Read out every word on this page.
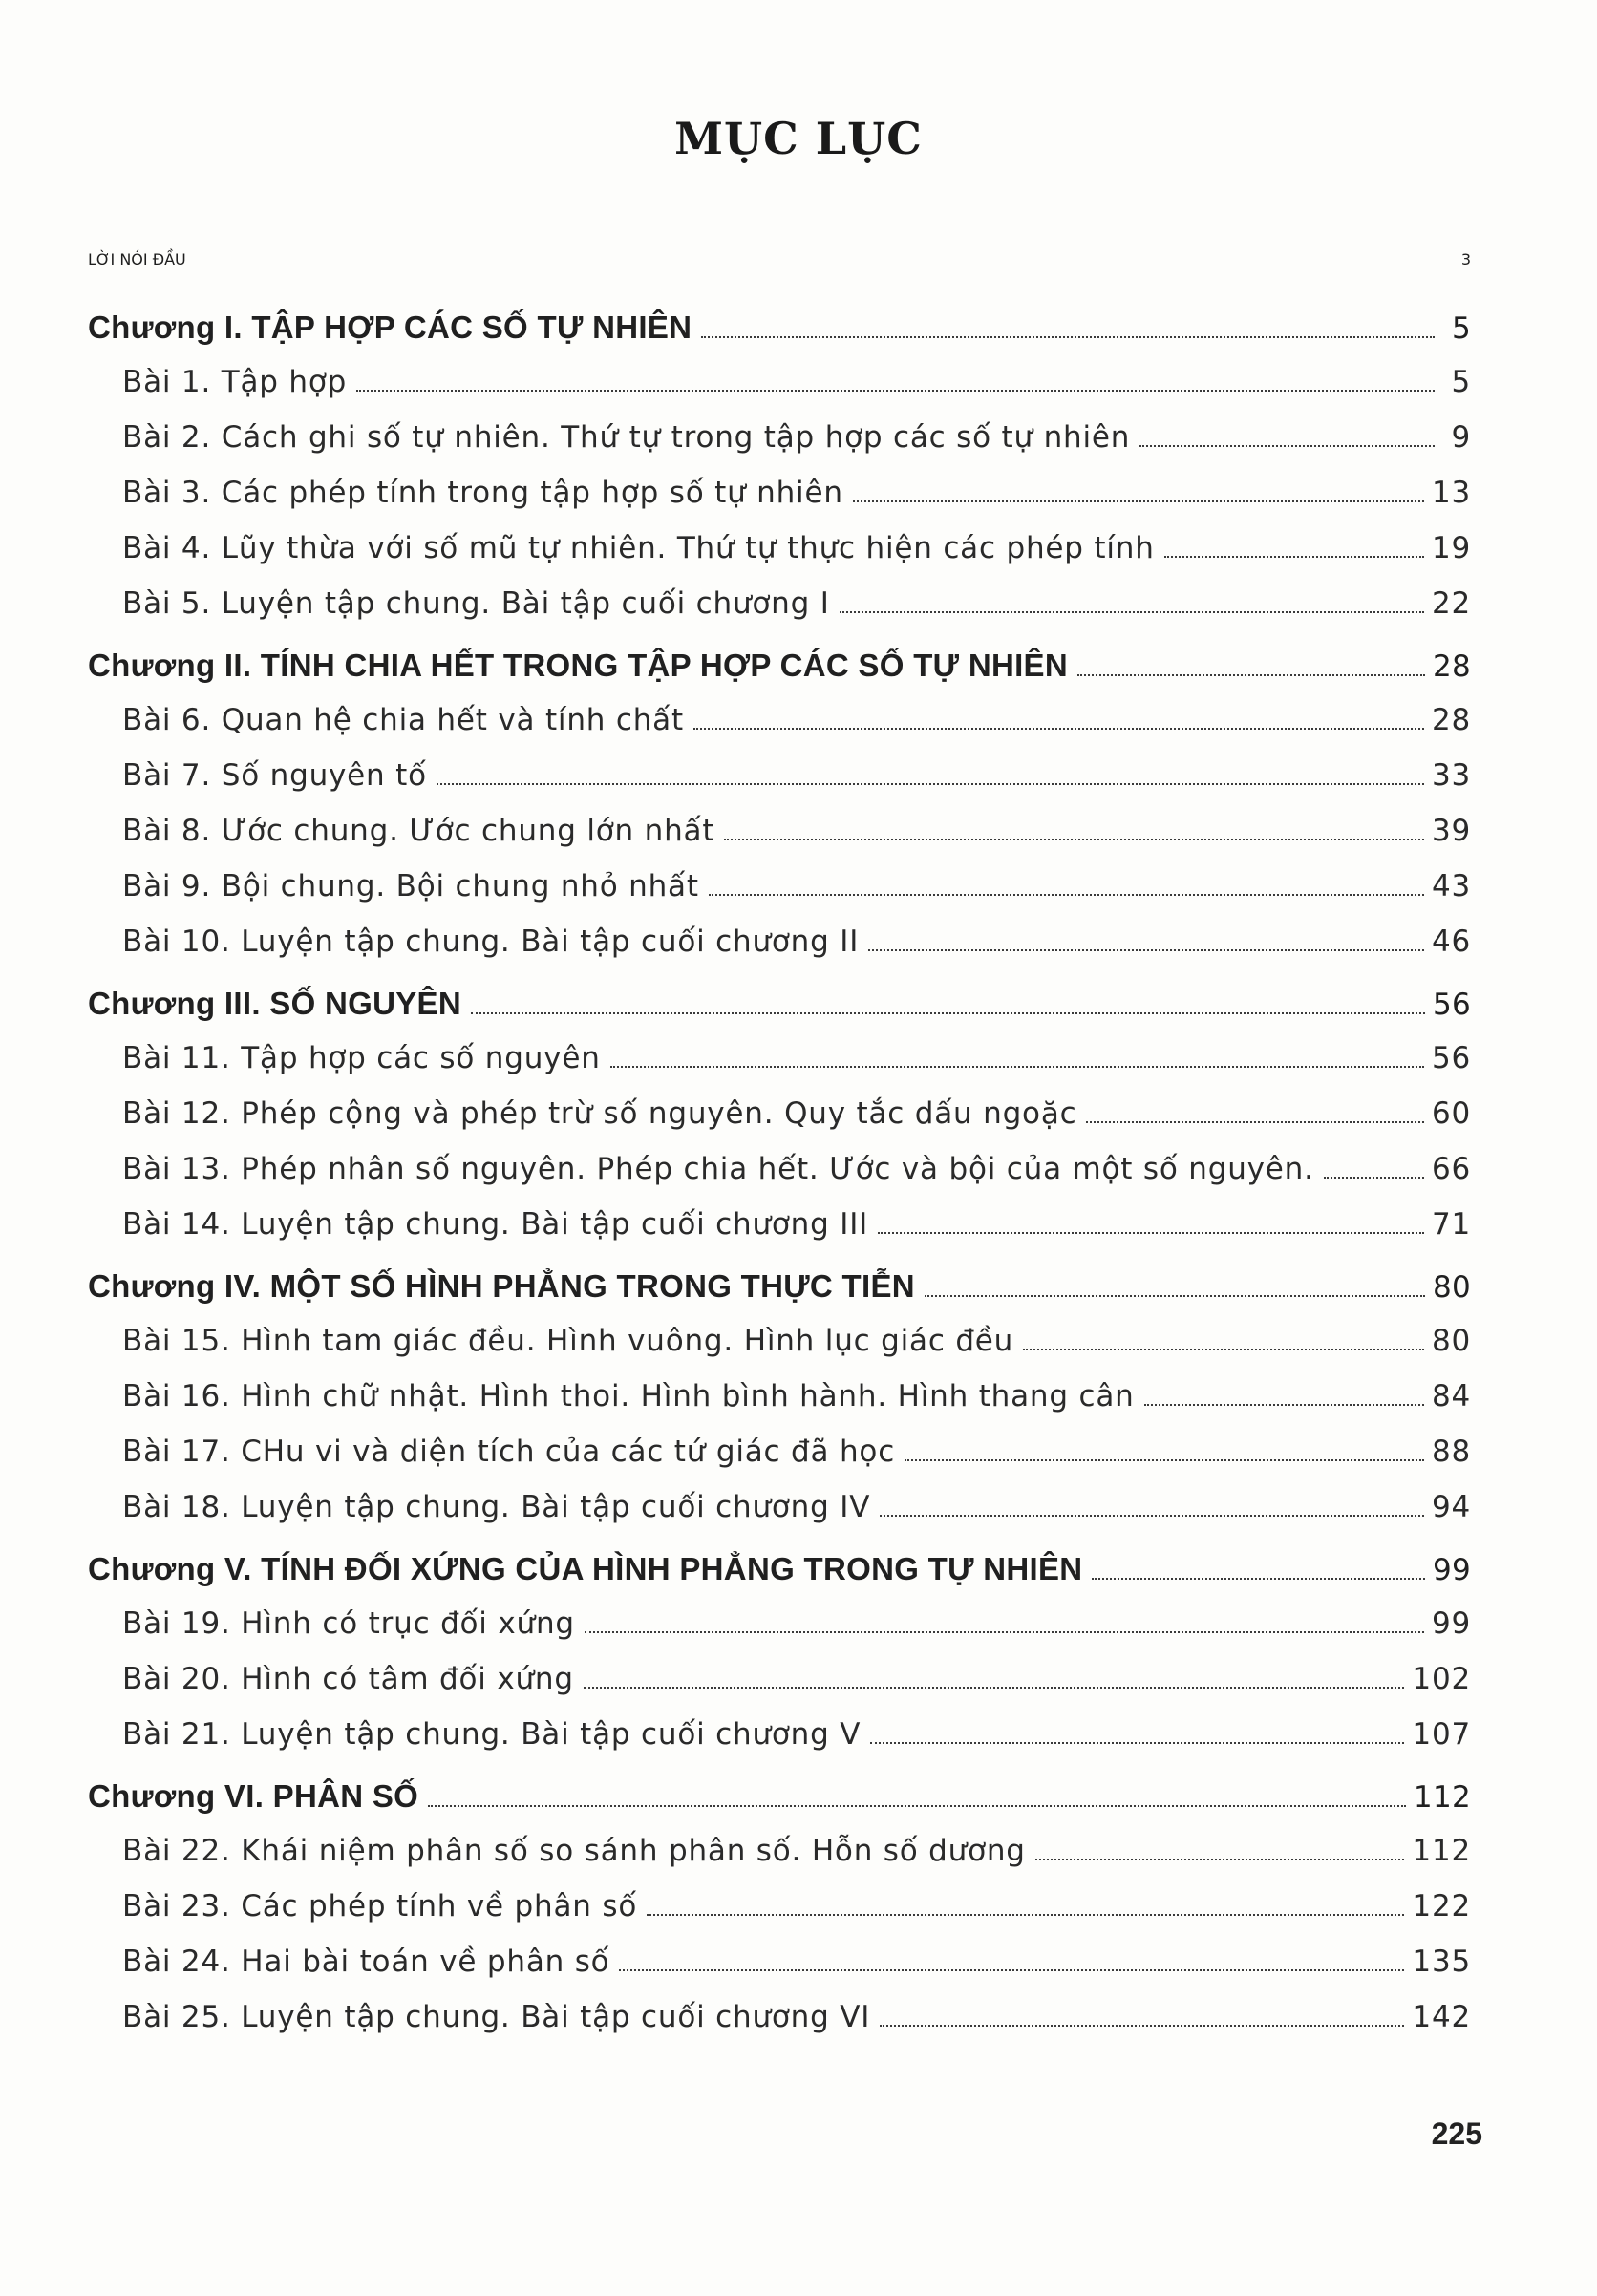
MỤC LỤC
LỜI NÓI ĐẦU	3
Chương I. TẬP HỢP CÁC SỐ TỰ NHIÊN	5
Bài 1. Tập hợp	5
Bài 2. Cách ghi số tự nhiên. Thứ tự trong tập hợp các số tự nhiên	9
Bài 3. Các phép tính trong tập hợp số tự nhiên	13
Bài 4. Lũy thừa với số mũ tự nhiên. Thứ tự thực hiện các phép tính	19
Bài 5. Luyện tập chung. Bài tập cuối chương I	22
Chương II. TÍNH CHIA HẾT TRONG TẬP HỢP CÁC SỐ TỰ NHIÊN	28
Bài 6. Quan hệ chia hết và tính chất	28
Bài 7. Số nguyên tố	33
Bài 8. Ước chung. Ước chung lớn nhất	39
Bài 9. Bội chung. Bội chung nhỏ nhất	43
Bài 10. Luyện tập chung. Bài tập cuối chương II	46
Chương III. SỐ NGUYÊN	56
Bài 11. Tập hợp các số nguyên	56
Bài 12. Phép cộng và phép trừ số nguyên. Quy tắc dấu ngoặc	60
Bài 13. Phép nhân số nguyên. Phép chia hết. Ước và bội của một số nguyên.	66
Bài 14. Luyện tập chung. Bài tập cuối chương III	71
Chương IV. MỘT SỐ HÌNH PHẲNG TRONG THỰC TIỄN	80
Bài 15. Hình tam giác đều. Hình vuông. Hình lục giác đều	80
Bài 16. Hình chữ nhật. Hình thoi. Hình bình hành. Hình thang cân	84
Bài 17. CHu vi và diện tích của các tứ giác đã học	88
Bài 18. Luyện tập chung. Bài tập cuối chương IV	94
Chương V. TÍNH ĐỐI XỨNG CỦA HÌNH PHẲNG TRONG TỰ NHIÊN	99
Bài 19. Hình có trục đối xứng	99
Bài 20. Hình có tâm đối xứng	102
Bài 21. Luyện tập chung. Bài tập cuối chương V	107
Chương VI. PHÂN SỐ	112
Bài 22. Khái niệm phân số so sánh phân số. Hỗn số dương	112
Bài 23. Các phép tính về phân số	122
Bài 24. Hai bài toán về phân số	135
Bài 25. Luyện tập chung. Bài tập cuối chương VI	142
225
